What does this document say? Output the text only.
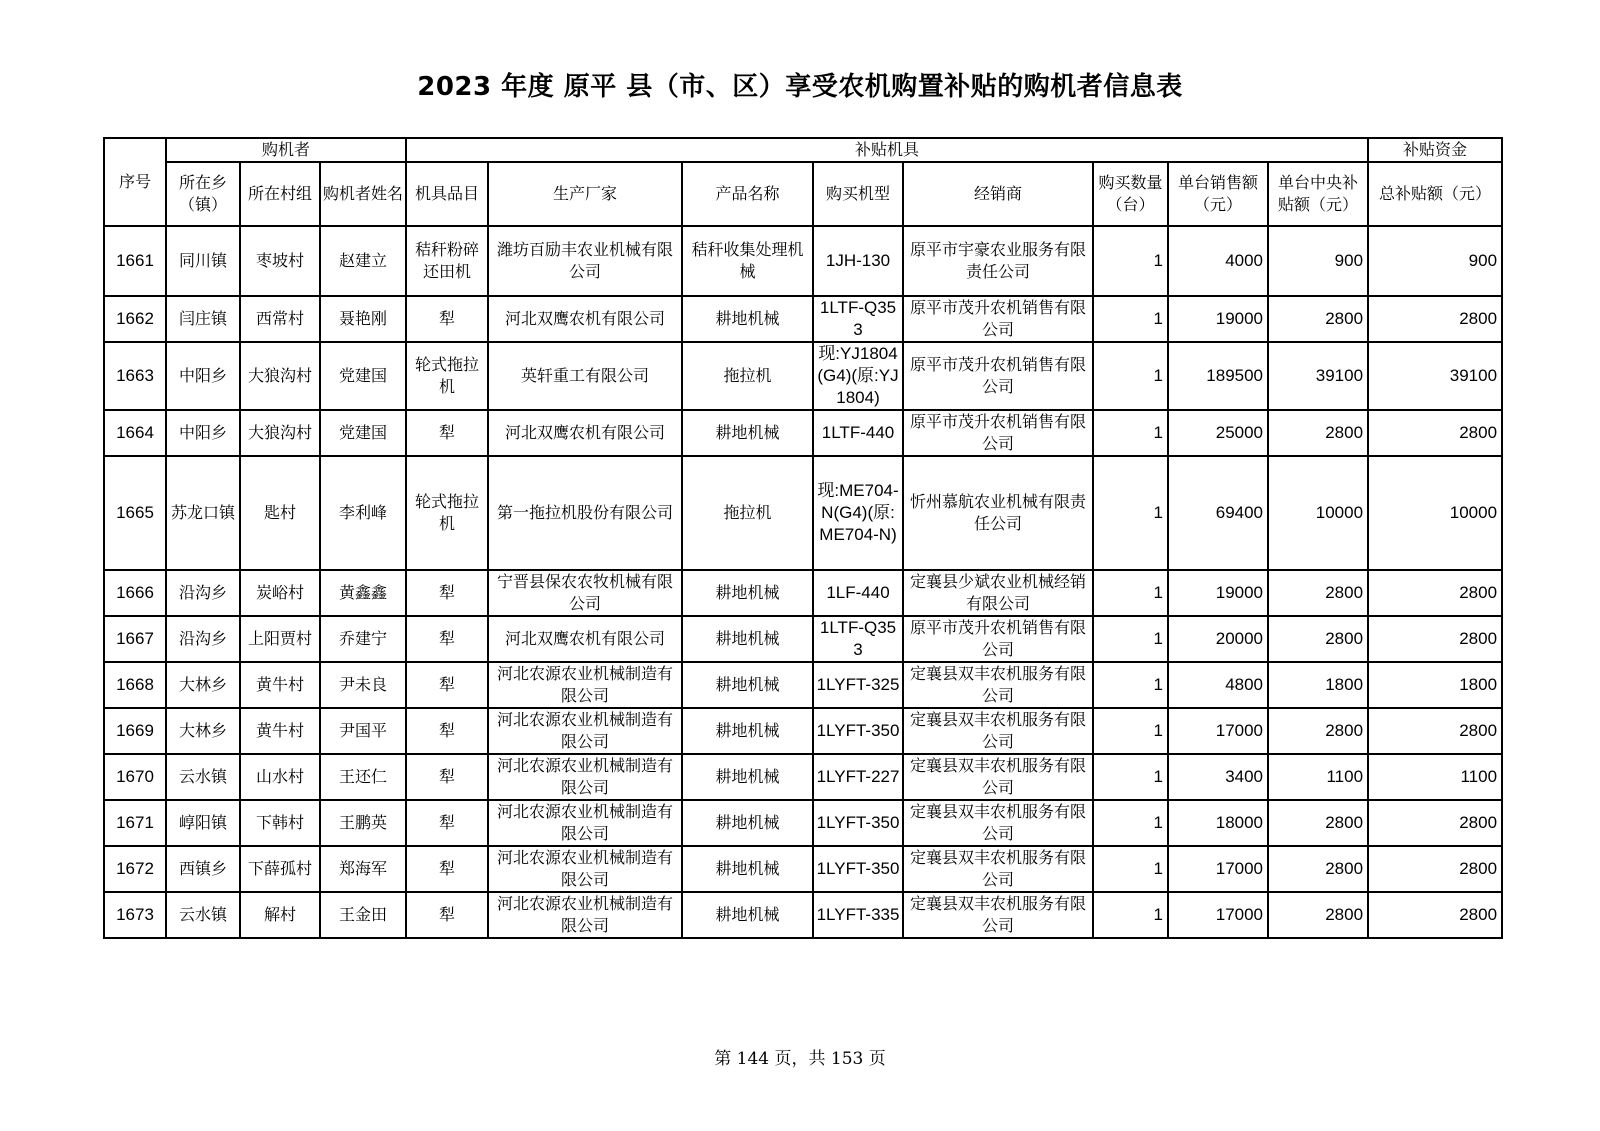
2023 年度 原平 县（市、区）享受农机购置补贴的购机者信息表
序号	购机者			补贴机具								补贴资金
	所在乡（镇）	所在村组	购机者姓名	机具品目	生产厂家	产品名称	购买机型	经销商	购买数量（台）	单台销售额（元）	单台中央补贴额（元）	总补贴额（元）
1661	同川镇	枣坡村	赵建立	秸秆粉碎还田机	潍坊百励丰农业机械有限公司	秸秆收集处理机械	1JH-130	原平市宇豪农业服务有限责任公司	1	4000	900	900
1662	闫庄镇	西常村	聂艳刚	犁	河北双鹰农机有限公司	耕地机械	1LTF-Q353	原平市茂升农机销售有限公司	1	19000	2800	2800
1663	中阳乡	大狼沟村	党建国	轮式拖拉机	英轩重工有限公司	拖拉机	现:YJ1804(G4)(原:YJ1804)	原平市茂升农机销售有限公司	1	189500	39100	39100
1664	中阳乡	大狼沟村	党建国	犁	河北双鹰农机有限公司	耕地机械	1LTF-440	原平市茂升农机销售有限公司	1	25000	2800	2800
1665	苏龙口镇	匙村	李利峰	轮式拖拉机	第一拖拉机股份有限公司	拖拉机	现:ME704-N(G4)(原:ME704-N)	忻州慕航农业机械有限责任公司	1	69400	10000	10000
1666	沿沟乡	炭峪村	黄鑫鑫	犁	宁晋县保农农牧机械有限公司	耕地机械	1LF-440	定襄县少斌农业机械经销有限公司	1	19000	2800	2800
1667	沿沟乡	上阳贾村	乔建宁	犁	河北双鹰农机有限公司	耕地机械	1LTF-Q353	原平市茂升农机销售有限公司	1	20000	2800	2800
1668	大林乡	黄牛村	尹未良	犁	河北农源农业机械制造有限公司	耕地机械	1LYFT-325	定襄县双丰农机服务有限公司	1	4800	1800	1800
1669	大林乡	黄牛村	尹国平	犁	河北农源农业机械制造有限公司	耕地机械	1LYFT-350	定襄县双丰农机服务有限公司	1	17000	2800	2800
1670	云水镇	山水村	王还仁	犁	河北农源农业机械制造有限公司	耕地机械	1LYFT-227	定襄县双丰农机服务有限公司	1	3400	1100	1100
1671	崞阳镇	下韩村	王鹏英	犁	河北农源农业机械制造有限公司	耕地机械	1LYFT-350	定襄县双丰农机服务有限公司	1	18000	2800	2800
1672	西镇乡	下薛孤村	郑海军	犁	河北农源农业机械制造有限公司	耕地机械	1LYFT-350	定襄县双丰农机服务有限公司	1	17000	2800	2800
1673	云水镇	解村	王金田	犁	河北农源农业机械制造有限公司	耕地机械	1LYFT-335	定襄县双丰农机服务有限公司	1	17000	2800	2800
第 144 页，共 153 页
